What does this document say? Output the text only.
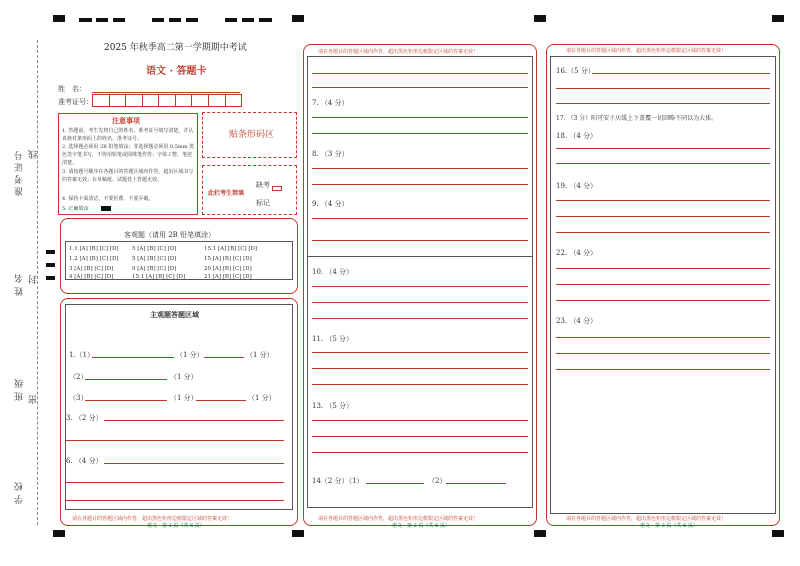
准考证号 线
姓名 封
班级 密
学校
2025 年秋季高二第一学期期中考试
语文 · 答题卡
姓　名：
准考证号：
注意事项
1. 答题前，考生先将自己的姓名、准考证号填写清楚，并认真核对条形码上的姓名、准考证号。
2. 选择题必须用 2B 铅笔填涂；非选择题必须用 0.5mm 黑色签字笔书写，不得用铅笔或圆珠笔作答；字体工整、笔迹清楚。
3. 请按题号顺序在各题目的答题区域内作答，超出区域书写的答案无效；在草稿纸、试题卷上答题无效。
4. 保持卡面清洁，不要折叠、不要弄破。
5. 正确填涂
贴条形码区
此栏考生禁填
缺考
标记
客观题（请用 2B 铅笔填涂）
1.1 [A] [B] [C] [D] 5 [A] [B] [C] [D]	15.1 [A] [B] [C] [D]
1.2 [A] [B] [C] [D] 5 [A] [B] [C] [D]	15 [A] [B] [C] [D]
3 [A] [B] [C] [D]	9 [A] [B] [C] [D]	20 [A] [B] [C] [D]
4 [A] [B] [C] [D]	15.1 [A] [B] [C] [D]	21 [A] [B] [C] [D]
主观题答题区域
1.（1）	（1 分）	（1 分）
（2）	（1 分）
（3）	（1 分）	（1 分）
3. （2 分）
6. （4 分）
请在各题目的答题区域内作答，超出黑色矩形边框限定区域的答案无效！
语文　第 1 页（共 6 页）
请在各题目的答题区域内作答，超出黑色矩形边框限定区域的答案无效！
7. （4 分）
8. （3 分）
9. （4 分）
10. （4 分）
11. （5 分）
13. （5 分）
14（2 分）（1）	（2）
请在各题目的答题区域内作答，超出黑色矩形边框限定区域的答案无效！
语文　第 2 页（共 6 页）
请在各题目的答题区域内作答，超出黑色矩形边框限定区域的答案无效！
16.（5 分）
17. （3 分）阳可安于庆缓上下盖覆一切回略不同以为大体。
18. （4 分）
19. （4 分）
22. （4 分）
23. （4 分）
请在各题目的答题区域内作答，超出黑色矩形边框限定区域的答案无效！
语文　第 3 页（共 6 页）
